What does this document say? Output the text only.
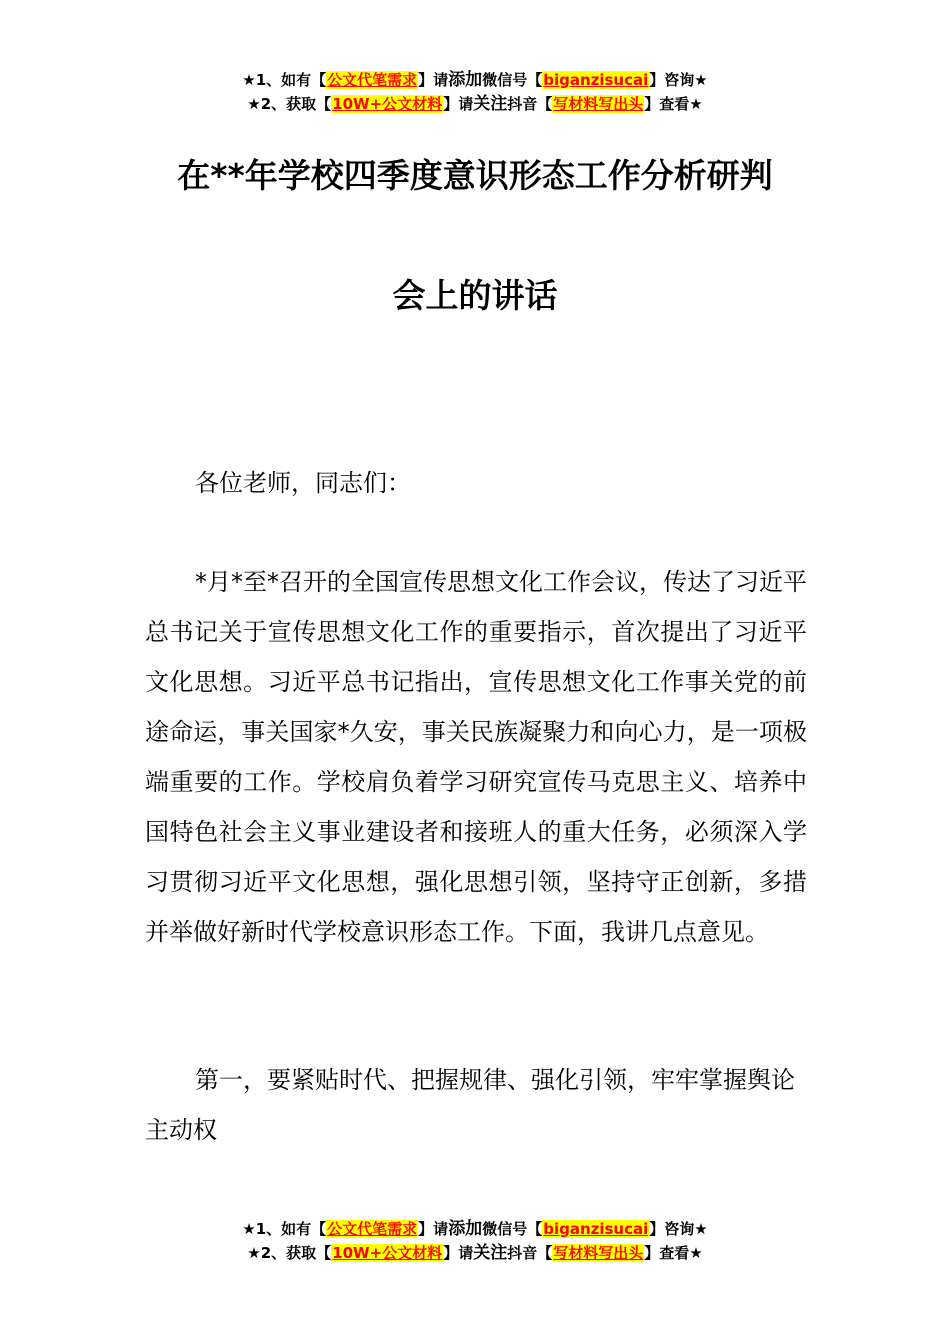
★1、如有【公文代笔需求】请添加微信号【biganzisucai】咨询★
★2、获取【10W+公文材料】请关注抖音【写材料写出头】查看★
在**年学校四季度意识形态工作分析研判
会上的讲话

各位老师，同志们：

*月*至*召开的全国宣传思想文化工作会议，传达了习近平总书记关于宣传思想文化工作的重要指示，首次提出了习近平文化思想。习近平总书记指出，宣传思想文化工作事关党的前途命运，事关国家*久安，事关民族凝聚力和向心力，是一项极端重要的工作。学校肩负着学习研究宣传马克思主义、培养中国特色社会主义事业建设者和接班人的重大任务，必须深入学习贯彻习近平文化思想，强化思想引领，坚持守正创新，多措并举做好新时代学校意识形态工作。下面，我讲几点意见。

第一，要紧贴时代、把握规律、强化引领，牢牢掌握舆论主动权

★1、如有【公文代笔需求】请添加微信号【biganzisucai】咨询★
★2、获取【10W+公文材料】请关注抖音【写材料写出头】查看★
